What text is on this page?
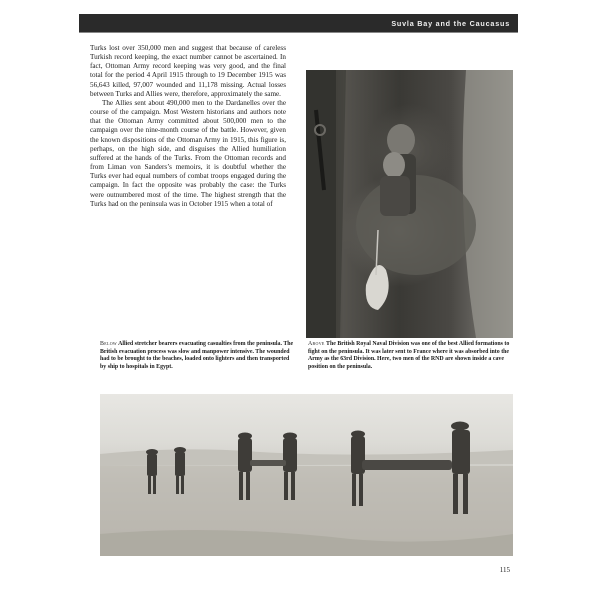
Suvla Bay and the Caucasus

Turks lost over 350,000 men and suggest that because of careless Turkish record keeping, the exact number cannot be ascertained. In fact, Ottoman Army record keeping was very good, and the final total for the period 4 April 1915 through to 19 December 1915 was 56,643 killed, 97,007 wounded and 11,178 missing. Actual losses between Turks and Allies were, therefore, approximately the same.

The Allies sent about 490,000 men to the Dardanelles over the course of the campaign. Most Western historians and authors note that the Ottoman Army committed about 500,000 men to the campaign over the nine-month course of the battle. However, given the known dispositions of the Ottoman Army in 1915, this figure is, perhaps, on the high side, and disguises the Allied humiliation suffered at the hands of the Turks. From the Ottoman records and from Liman von Sanders’s memoirs, it is doubtful whether the Turks ever had equal numbers of combat troops engaged during the campaign. In fact the opposite was probably the case: the Turks were outnumbered most of the time. The highest strength that the Turks had on the peninsula was in October 1915 when a total of

Below Allied stretcher bearers evacuating casualties from the peninsula. The British evacuation process was slow and manpower intensive. The wounded had to be brought to the beaches, loaded onto lighters and then transported by ship to hospitals in Egypt.
Above The British Royal Naval Division was one of the best Allied formations to fight on the peninsula. It was later sent to France where it was absorbed into the Army as the 63rd Division. Here, two men of the RND are shown inside a cave position on the peninsula.
115
